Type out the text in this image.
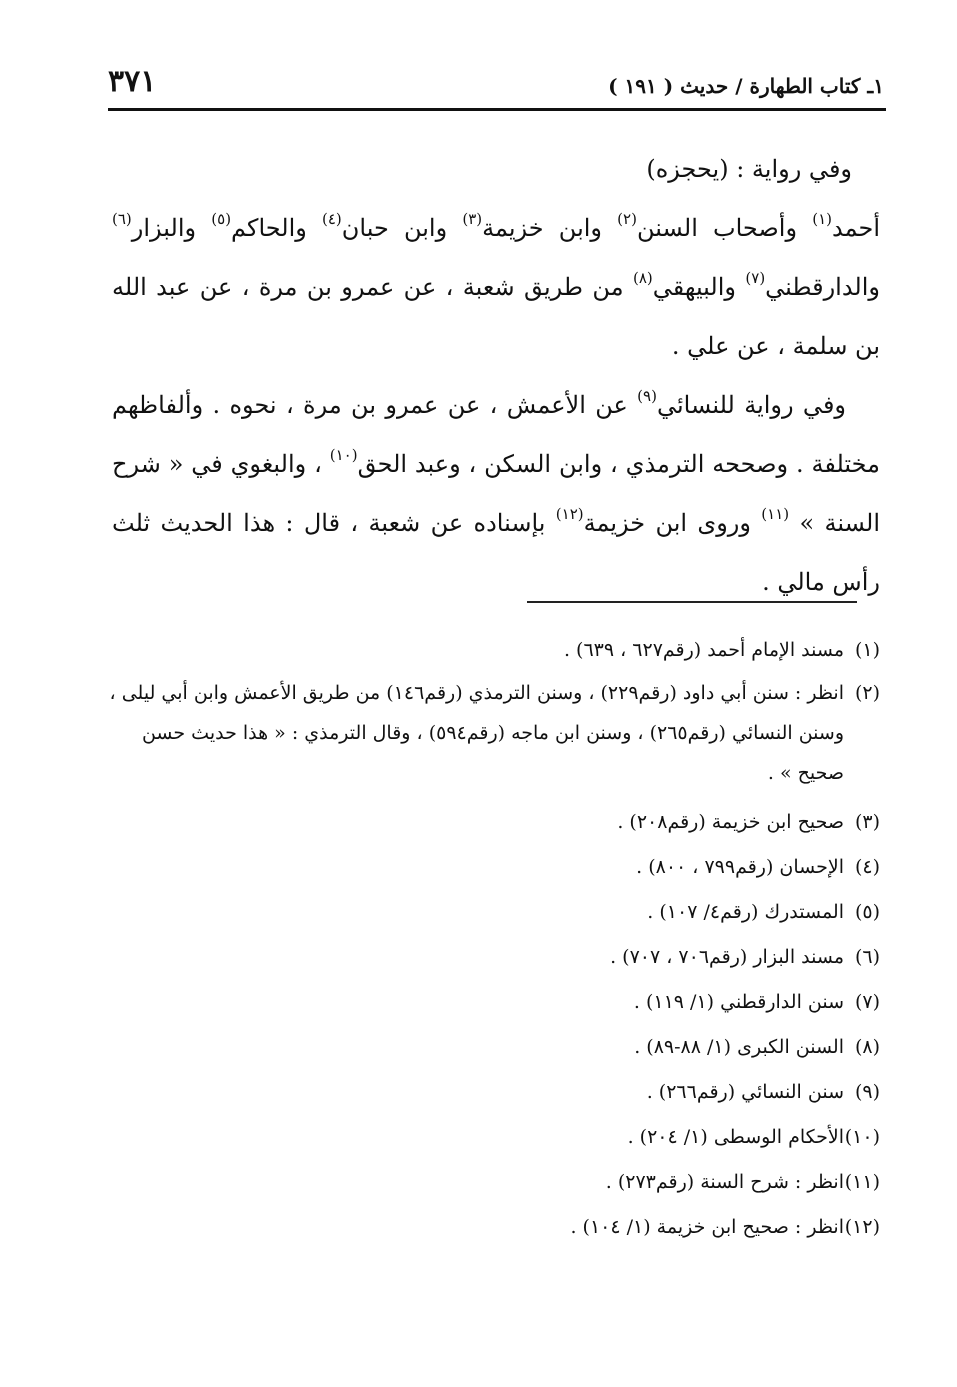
١ـ كتاب الطهارة / حديث ( ١٩١ )
٣٧١

وفي رواية : (يحجزه)

أحمد$^{(١)}$ وأصحاب السنن$^{(٢)}$ وابن خزيمة$^{(٣)}$ وابن حبان$^{(٤)}$ والحاكم$^{(٥)}$ والبزار$^{(٦)}$ والدارقطني$^{(٧)}$ والبيهقي$^{(٨)}$ من طريق شعبة ، عن عمرو بن مرة ، عن عبد الله بن سلمة ، عن علي .

وفي رواية للنسائي$^{(٩)}$ عن الأعمش ، عن عمرو بن مرة ، نحوه . وألفاظهم مختلفة . وصححه الترمذي ، وابن السكن ، وعبد الحق$^{(١٠)}$ ، والبغوي في « شرح السنة » $^{(١١)}$ وروى ابن خزيمة$^{(١٢)}$ بإسناده عن شعبة ، قال : هذا الحديث ثلث رأس مالي .

(١)
مسند الإمام أحمد (رقم٦٢٧ ، ٦٣٩) .

(٢)
انظر : سنن أبي داود (رقم٢٢٩) ، وسنن الترمذي (رقم١٤٦) من طريق الأعمش وابن أبي ليلى ، وسنن النسائي (رقم٢٦٥) ، وسنن ابن ماجه (رقم٥٩٤) ، وقال الترمذي : « هذا حديث حسن صحيح » .

(٣)
صحيح ابن خزيمة (رقم٢٠٨) .

(٤)
الإحسان (رقم٧٩٩ ، ٨٠٠) .

(٥)
المستدرك (رقم٤/ ١٠٧) .

(٦)
مسند البزار (رقم٧٠٦ ، ٧٠٧) .

(٧)
سنن الدارقطني (١/ ١١٩) .

(٨)
السنن الكبرى (١/ ٨٨-٨٩) .

(٩)
سنن النسائي (رقم٢٦٦) .

(١٠)
الأحكام الوسطى (١/ ٢٠٤) .

(١١)
انظر : شرح السنة (رقم٢٧٣) .

(١٢)
انظر : صحيح ابن خزيمة (١/ ١٠٤) .
